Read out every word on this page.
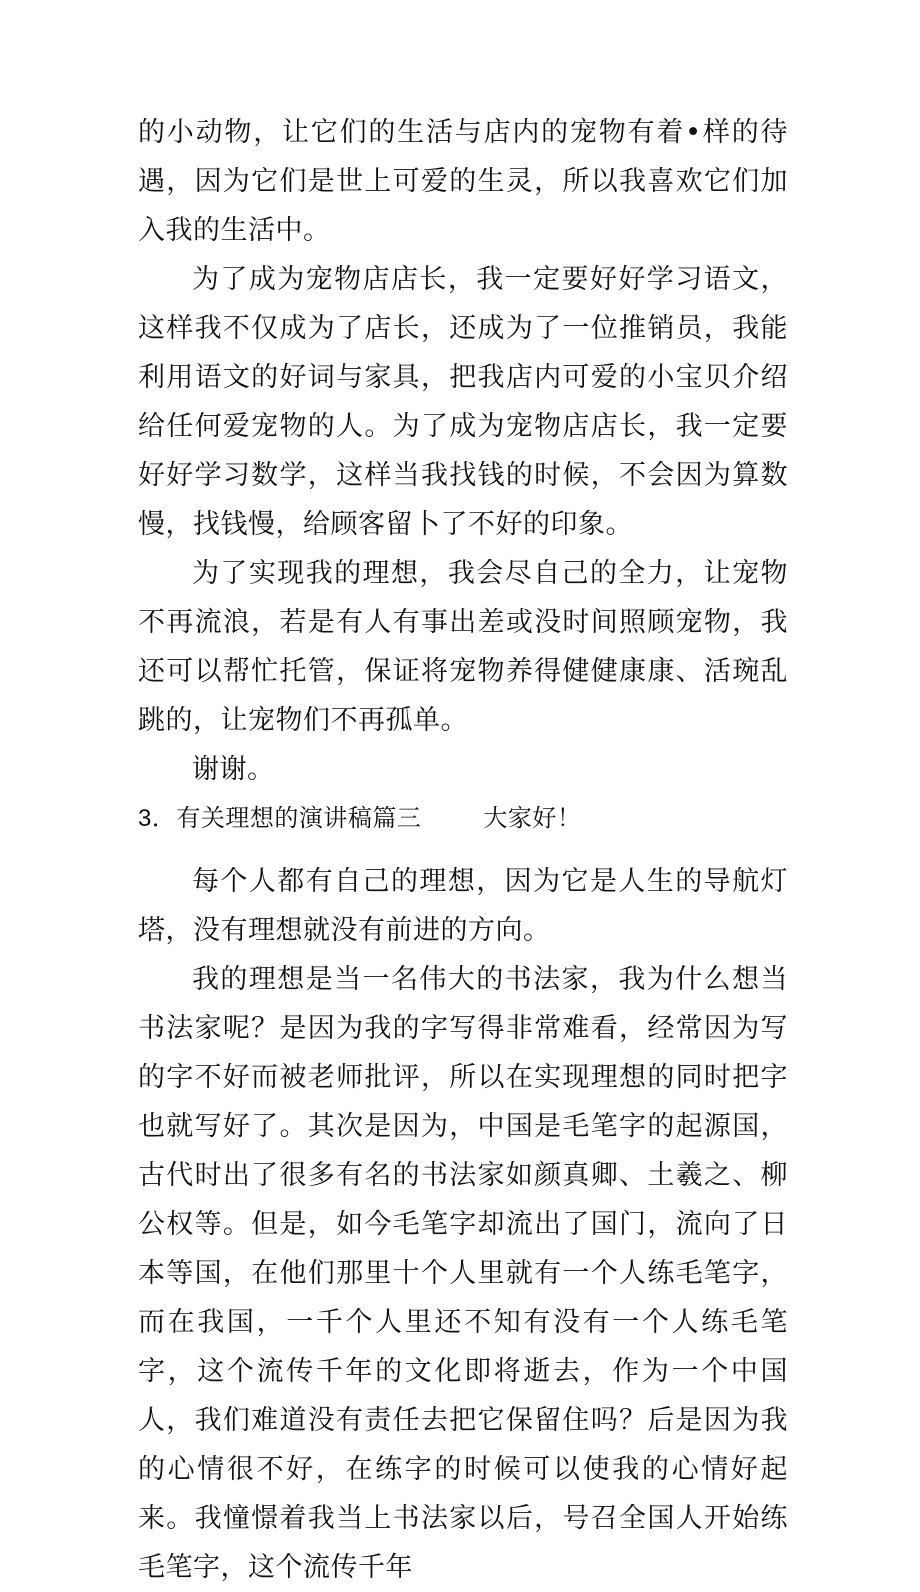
的小动物，让它们的生活与店内的宠物有着•样的待遇，因为它们是世上可爱的生灵，所以我喜欢它们加入我的生活中。

为了成为宠物店店长，我一定要好好学习语文，这样我不仅成为了店长，还成为了一位推销员，我能利用语文的好词与家具，把我店内可爱的小宝贝介绍给任何爱宠物的人。为了成为宠物店店长，我一定要好好学习数学，这样当我找钱的时候，不会因为算数慢，找钱慢，给顾客留卜了不好的印象。

为了实现我的理想，我会尽自己的全力，让宠物不再流浪，若是有人有事出差或没时间照顾宠物，我还可以帮忙托管，保证将宠物养得健健康康、活琬乱跳的，让宠物们不再孤单。

谢谢。

3．有关理想的演讲稿篇三	大家好！

每个人都有自己的理想，因为它是人生的导航灯塔，没有理想就没有前进的方向。

我的理想是当一名伟大的书法家，我为什么想当书法家呢？是因为我的字写得非常难看，经常因为写的字不好而被老师批评，所以在实现理想的同时把字也就写好了。其次是因为，中国是毛笔字的起源国，古代时出了很多有名的书法家如颜真卿、土羲之、柳公权等。但是，如今毛笔字却流出了国门，流向了日本等国，在他们那里十个人里就有一个人练毛笔字，而在我国，一千个人里还不知有没有一个人练毛笔字，这个流传千年的文化即将逝去，作为一个中国人，我们难道没有责任去把它保留住吗？后是因为我的心情很不好，在练字的时候可以使我的心情好起来。我憧憬着我当上书法家以后，号召全国人开始练毛笔字，这个流传千年
